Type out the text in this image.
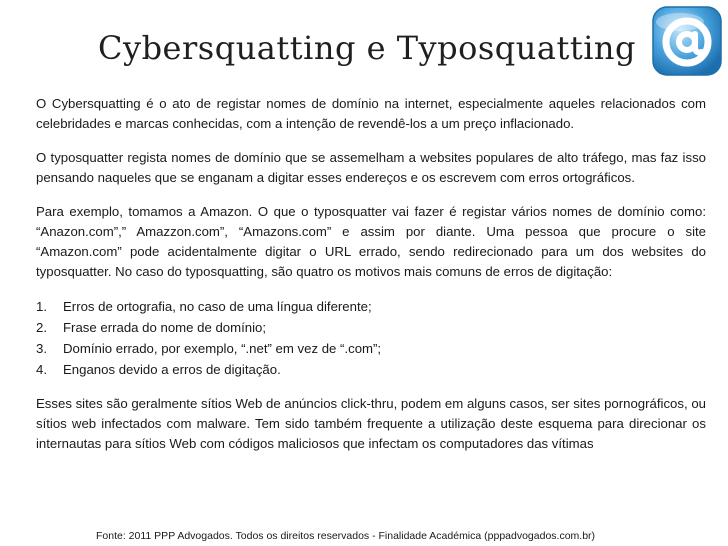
Cybersquatting e Typosquatting

O Cybersquatting é o ato de registar nomes de domínio na internet, especialmente aqueles relacionados com celebridades e marcas conhecidas, com a intenção de revendê-los a um preço inflacionado.

O typosquatter regista nomes de domínio que se assemelham a websites populares de alto tráfego, mas faz isso pensando naqueles que se enganam a digitar esses endereços e os escrevem com erros ortográficos.

Para exemplo, tomamos a Amazon. O que o typosquatter vai fazer é registar vários nomes de domínio como: “Anazon.com”,” Amazzon.com”, “Amazons.com” e assim por diante. Uma pessoa que procure o site “Amazon.com” pode acidentalmente digitar o URL errado, sendo redirecionado para um dos websites do typosquatter. No caso do typosquatting, são quatro os motivos mais comuns de erros de digitação:

1.	Erros de ortografia, no caso de uma língua diferente;
2.	Frase errada do nome de domínio;
3.	Domínio errado, por exemplo, “.net” em vez de “.com”;
4.	Enganos devido a erros de digitação.

Esses sites são geralmente sítios Web de anúncios click-thru, podem em alguns casos, ser sites pornográficos, ou sítios web infectados com malware. Tem sido também frequente a utilização deste esquema para direcionar os internautas para sítios Web com códigos maliciosos que infectam os computadores das vítimas

Fonte: 2011 PPP Advogados. Todos os direitos reservados - Finalidade Académica (pppadvogados.com.br)
